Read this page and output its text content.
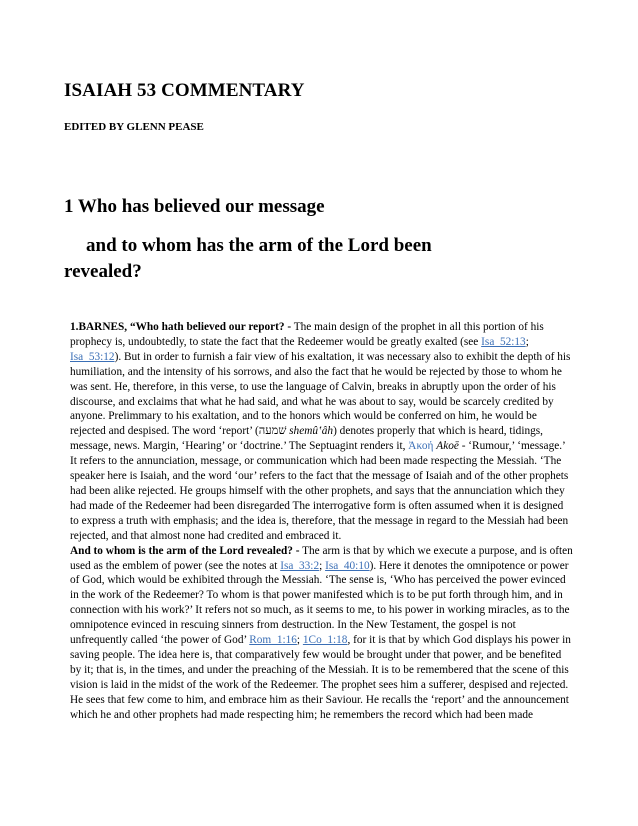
ISAIAH 53 COMMENTARY

EDITED BY GLENN PEASE

1 Who has believed our message

and to whom has the arm of the Lord been
revealed?

1.BARNES, “Who hath believed our report? - The main design of the prophet in all this portion of his prophecy is, undoubtedly, to state the fact that the Redeemer would be greatly exalted (see Isa_52:13; Isa_53:12). But in order to furnish a fair view of his exaltation, it was necessary also to exhibit the depth of his humiliation, and the intensity of his sorrows, and also the fact that he would be rejected by those to whom he was sent. He, therefore, in this verse, to use the language of Calvin, breaks in abruptly upon the order of his discourse, and exclaims that what he had said, and what he was about to say, would be scarcely credited by anyone. Prelimmary to his exaltation, and to the honors which would be conferred on him, he would be rejected and despised. The word ‘report’ (שׁמעה shemû‛âh) denotes properly that which is heard, tidings, message, news. Margin, ‘Hearing’ or ‘doctrine.’ The Septuagint renders it, Ἀκοή Akoē - ‘Rumour,’ ‘message.’ It refers to the annunciation, message, or communication which had been made respecting the Messiah. ‘The speaker here is Isaiah, and the word ‘our’ refers to the fact that the message of Isaiah and of the other prophets had been alike rejected. He groups himself with the other prophets, and says that the annunciation which they had made of the Redeemer had been disregarded The interrogative form is often assumed when it is designed to express a truth with emphasis; and the idea is, therefore, that the message in regard to the Messiah had been rejected, and that almost none had credited and embraced it.

And to whom is the arm of the Lord revealed? - The arm is that by which we execute a purpose, and is often used as the emblem of power (see the notes at Isa_33:2; Isa_40:10). Here it denotes the omnipotence or power of God, which would be exhibited through the Messiah. ‘The sense is, ‘Who has perceived the power evinced in the work of the Redeemer? To whom is that power manifested which is to be put forth through him, and in connection with his work?’ It refers not so much, as it seems to me, to his power in working miracles, as to the omnipotence evinced in rescuing sinners from destruction. In the New Testament, the gospel is not unfrequently called ‘the power of God’ Rom_1:16; 1Co_1:18, for it is that by which God displays his power in saving people. The idea here is, that comparatively few would be brought under that power, and be benefited by it; that is, in the times, and under the preaching of the Messiah. It is to be remembered that the scene of this vision is laid in the midst of the work of the Redeemer. The prophet sees him a sufferer, despised and rejected. He sees that few come to him, and embrace him as their Saviour. He recalls the ‘report’ and the announcement which he and other prophets had made respecting him; he remembers the record which had been made
